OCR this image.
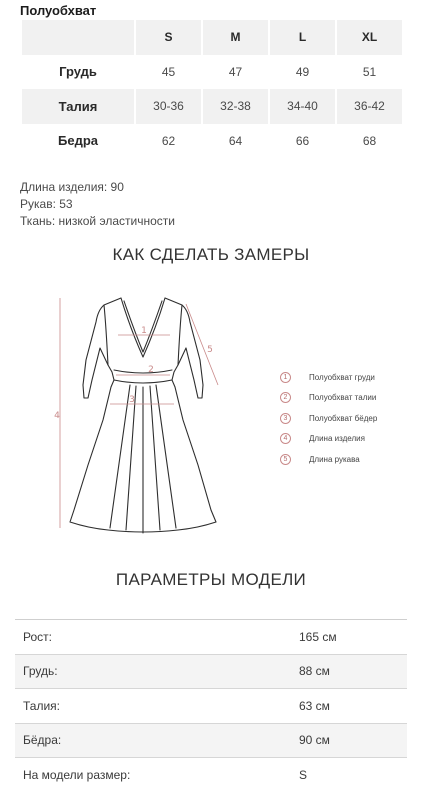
Полуобхват
	S	M	L	XL
Грудь	45	47	49	51
Талия	30-36	32-38	34-40	36-42
Бедра	62	64	66	68
Длина изделия: 90
Рукав: 53
Ткань: низкой эластичности
КАК СДЕЛАТЬ ЗАМЕРЫ
1
2
3
4
5
1	Полуобхват груди
2	Полуобхват талии
3	Полуобхват бёдер
4	Длина изделия
5	Длина рукава
ПАРАМЕТРЫ МОДЕЛИ
Рост:	165 см
Грудь:	88 см
Талия:	63 см
Бёдра:	90 см
На модели размер:	S
